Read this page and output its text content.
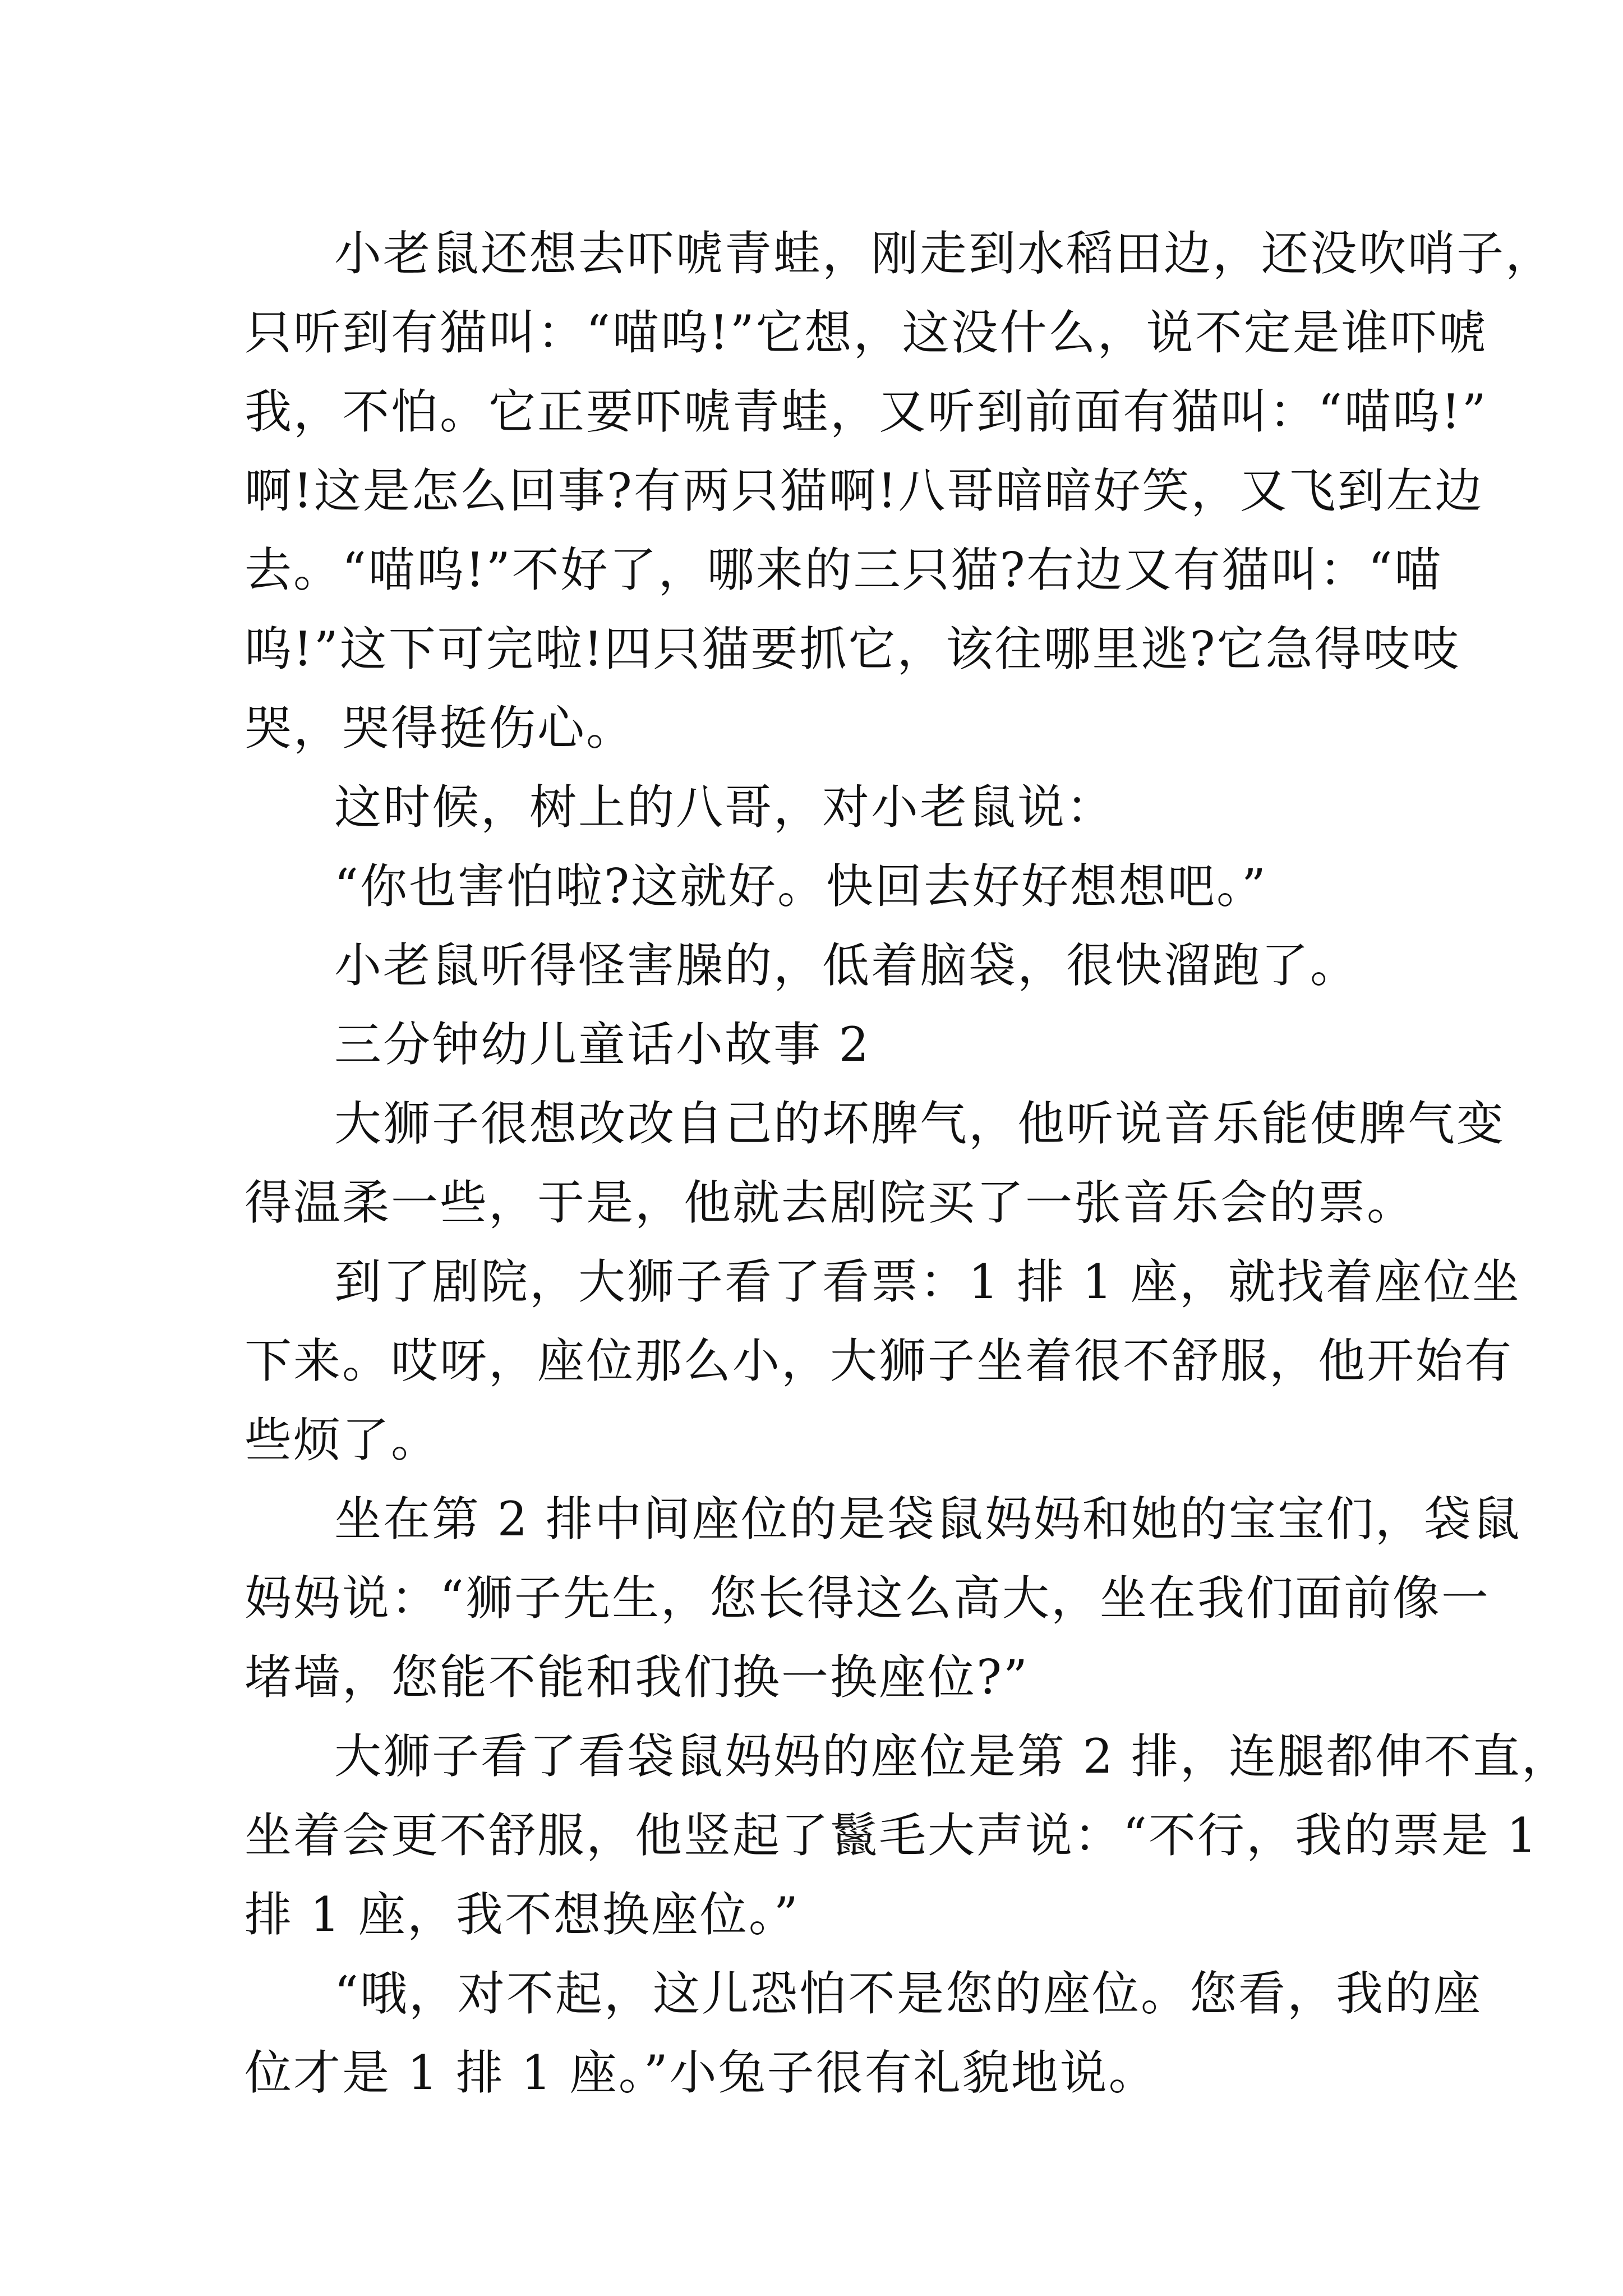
小老鼠还想去吓唬青蛙，刚走到水稻田边，还没吹哨子，
只听到有猫叫：“喵呜!”它想，这没什么，说不定是谁吓唬
我，不怕。它正要吓唬青蛙，又听到前面有猫叫：“喵呜!”
啊!这是怎么回事?有两只猫啊!八哥暗暗好笑，又飞到左边
去。“喵呜!”不好了，哪来的三只猫?右边又有猫叫：“喵
呜!”这下可完啦!四只猫要抓它，该往哪里逃?它急得吱吱
哭，哭得挺伤心。
这时候，树上的八哥，对小老鼠说：
“你也害怕啦?这就好。快回去好好想想吧。”
小老鼠听得怪害臊的，低着脑袋，很快溜跑了。
三分钟幼儿童话小故事 2
大狮子很想改改自己的坏脾气，他听说音乐能使脾气变
得温柔一些，于是，他就去剧院买了一张音乐会的票。
到了剧院，大狮子看了看票：1 排 1 座，就找着座位坐
下来。哎呀，座位那么小，大狮子坐着很不舒服，他开始有
些烦了。
坐在第 2 排中间座位的是袋鼠妈妈和她的宝宝们，袋鼠
妈妈说：“狮子先生，您长得这么高大，坐在我们面前像一
堵墙，您能不能和我们换一换座位?”
大狮子看了看袋鼠妈妈的座位是第 2 排，连腿都伸不直，
坐着会更不舒服，他竖起了鬣毛大声说：“不行，我的票是 1
排 1 座，我不想换座位。”
“哦，对不起，这儿恐怕不是您的座位。您看，我的座
位才是 1 排 1 座。”小兔子很有礼貌地说。
